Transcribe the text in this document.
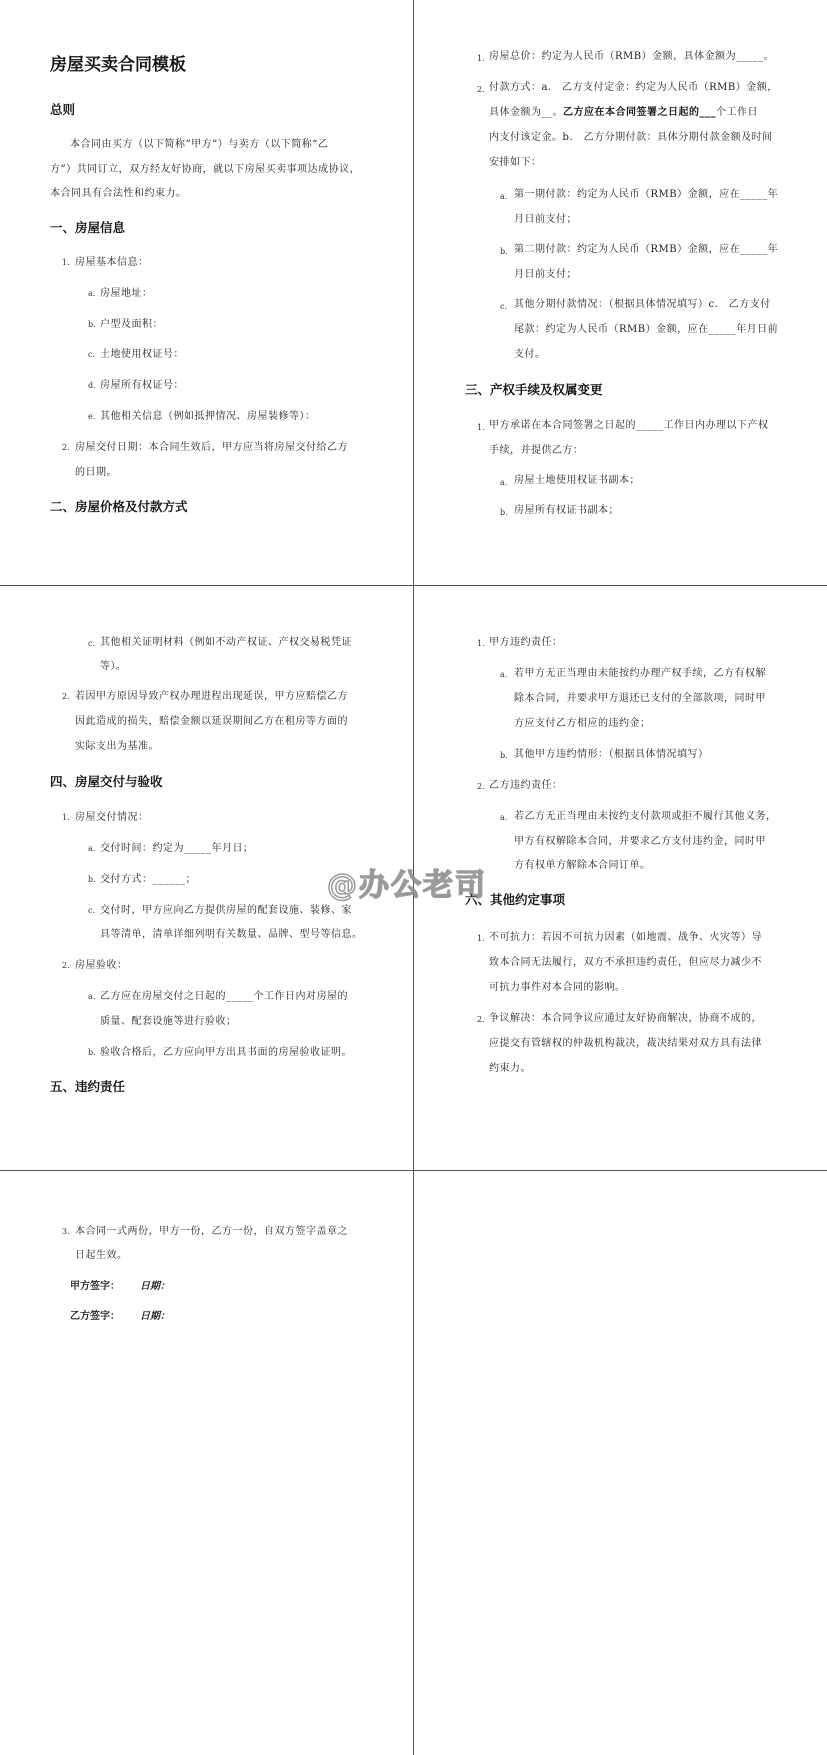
房屋买卖合同模板
总则
本合同由买方（以下简称“甲方”）与卖方（以下简称“乙
方”）共同订立，双方经友好协商，就以下房屋买卖事项达成协议，
本合同具有合法性和约束力。
一、房屋信息
1. 房屋基本信息：
a. 房屋地址：
b. 户型及面积：
c. 土地使用权证号：
d. 房屋所有权证号：
e. 其他相关信息（例如抵押情况、房屋装修等）：
2. 房屋交付日期：本合同生效后，甲方应当将房屋交付给乙方
的日期。
二、房屋价格及付款方式
1. 房屋总价：约定为人民币（RMB）金额，具体金额为_____。
2. 付款方式：a.　乙方支付定金：约定为人民币（RMB）金额，
具体金额为__。乙方应在本合同签署之日起的___个工作日
内支付该定金。b.　乙方分期付款：具体分期付款金额及时间
安排如下：
a. 第一期付款：约定为人民币（RMB）金额，应在_____年
月日前支付；
b. 第二期付款：约定为人民币（RMB）金额，应在_____年
月日前支付；
c. 其他分期付款情况：（根据具体情况填写）c.　乙方支付
尾款：约定为人民币（RMB）金额，应在_____年月日前
支付。
三、产权手续及权属变更
1. 甲方承诺在本合同签署之日起的_____工作日内办理以下产权
手续，并提供乙方：
a. 房屋土地使用权证书副本；
b. 房屋所有权证书副本；
c. 其他相关证明材料（例如不动产权证、产权交易税凭证
等）。
2. 若因甲方原因导致产权办理进程出现延误，甲方应赔偿乙方
因此造成的损失，赔偿金额以延误期间乙方在租房等方面的
实际支出为基准。
四、房屋交付与验收
1. 房屋交付情况：
a. 交付时间：约定为_____年月日；
b. 交付方式：______；
c. 交付时，甲方应向乙方提供房屋的配套设施、装修、家
具等清单，清单详细列明有关数量、品牌、型号等信息。
2. 房屋验收：
a. 乙方应在房屋交付之日起的_____个工作日内对房屋的
质量、配套设施等进行验收；
b. 验收合格后，乙方应向甲方出具书面的房屋验收证明。
五、违约责任
1. 甲方违约责任：
a. 若甲方无正当理由未能按约办理产权手续，乙方有权解
除本合同，并要求甲方退还已支付的全部款项，同时甲
方应支付乙方相应的违约金；
b. 其他甲方违约情形：（根据具体情况填写）
2. 乙方违约责任：
a. 若乙方无正当理由未按约支付款项或拒不履行其他义务，
甲方有权解除本合同，并要求乙方支付违约金，同时甲
方有权单方解除本合同订单。
六、其他约定事项
1. 不可抗力：若因不可抗力因素（如地震、战争、火灾等）导
致本合同无法履行，双方不承担违约责任，但应尽力减少不
可抗力事件对本合同的影响。
2. 争议解决：本合同争议应通过友好协商解决，协商不成的，
应提交有管辖权的仲裁机构裁决，裁决结果对双方具有法律
约束力。
3. 本合同一式两份，甲方一份，乙方一份，自双方签字盖章之
日起生效。
甲方签字： 日期：
乙方签字： 日期：
@办公老司
